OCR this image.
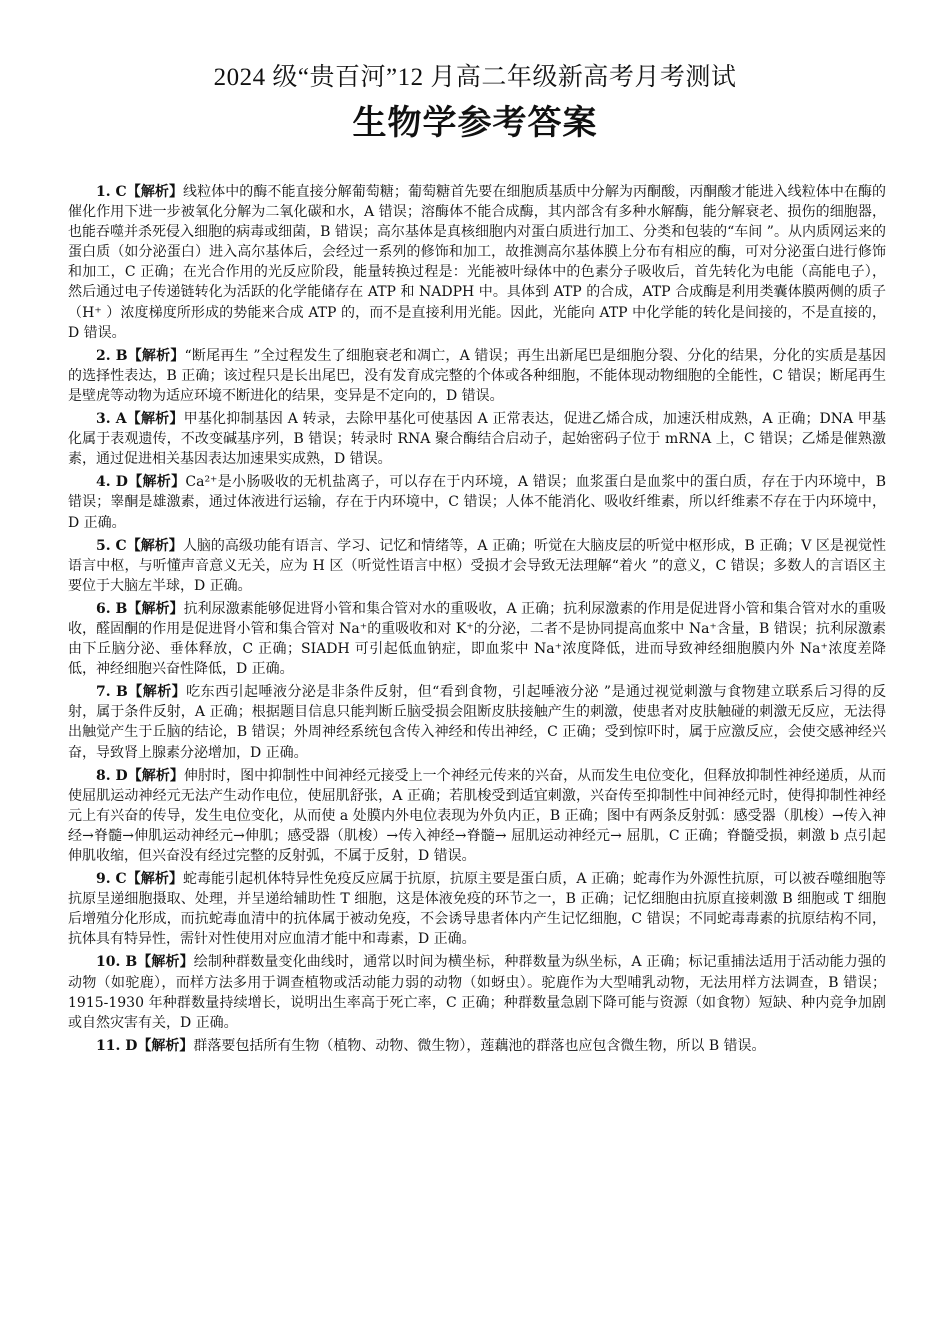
2024 级“贵百河”12 月高二年级新高考月考测试
生物学参考答案

1. C【解析】线粒体中的酶不能直接分解葡萄糖；葡萄糖首先要在细胞质基质中分解为丙酮酸，丙酮酸才能进入线粒体中在酶的催化作用下进一步被氧化分解为二氧化碳和水，A 错误；溶酶体不能合成酶，其内部含有多种水解酶，能分解衰老、损伤的细胞器，也能吞噬并杀死侵入细胞的病毒或细菌，B 错误；高尔基体是真核细胞内对蛋白质进行加工、分类和包装的“车间 ”。从内质网运来的蛋白质（如分泌蛋白）进入高尔基体后，会经过一系列的修饰和加工，故推测高尔基体膜上分布有相应的酶，可对分泌蛋白进行修饰和加工，C 正确；在光合作用的光反应阶段，能量转换过程是：光能被叶绿体中的色素分子吸收后，首先转化为电能（高能电子），然后通过电子传递链转化为活跃的化学能储存在 ATP 和 NADPH 中。具体到 ATP 的合成，ATP 合成酶是利用类囊体膜两侧的质子（H⁺ ）浓度梯度所形成的势能来合成 ATP 的，而不是直接利用光能。因此，光能向 ATP 中化学能的转化是间接的，不是直接的，D 错误。

2. B【解析】“断尾再生 ”全过程发生了细胞衰老和凋亡，A 错误；再生出新尾巴是细胞分裂、分化的结果，分化的实质是基因的选择性表达，B 正确；该过程只是长出尾巴，没有发育成完整的个体或各种细胞，不能体现动物细胞的全能性，C 错误；断尾再生是壁虎等动物为适应环境不断进化的结果，变异是不定向的，D 错误。

3. A【解析】甲基化抑制基因 A 转录，去除甲基化可使基因 A 正常表达，促进乙烯合成，加速沃柑成熟，A 正确；DNA 甲基化属于表观遗传，不改变碱基序列，B 错误；转录时 RNA 聚合酶结合启动子，起始密码子位于 mRNA 上，C 错误；乙烯是催熟激素，通过促进相关基因表达加速果实成熟，D 错误。

4. D【解析】Ca²⁺是小肠吸收的无机盐离子，可以存在于内环境，A 错误；血浆蛋白是血浆中的蛋白质，存在于内环境中，B 错误；睾酮是雄激素，通过体液进行运输，存在于内环境中，C 错误；人体不能消化、吸收纤维素，所以纤维素不存在于内环境中，D 正确。

5. C【解析】人脑的高级功能有语言、学习、记忆和情绪等，A 正确；听觉在大脑皮层的听觉中枢形成，B 正确；V 区是视觉性语言中枢，与听懂声音意义无关，应为 H 区（听觉性语言中枢）受损才会导致无法理解“着火 ”的意义，C 错误；多数人的言语区主要位于大脑左半球，D 正确。

6. B【解析】抗利尿激素能够促进肾小管和集合管对水的重吸收，A 正确；抗利尿激素的作用是促进肾小管和集合管对水的重吸收，醛固酮的作用是促进肾小管和集合管对 Na⁺的重吸收和对 K⁺的分泌，二者不是协同提高血浆中 Na⁺含量，B 错误；抗利尿激素由下丘脑分泌、垂体释放，C 正确；SIADH 可引起低血钠症，即血浆中 Na⁺浓度降低，进而导致神经细胞膜内外 Na⁺浓度差降低，神经细胞兴奋性降低，D 正确。

7. B【解析】吃东西引起唾液分泌是非条件反射，但“看到食物，引起唾液分泌 ”是通过视觉刺激与食物建立联系后习得的反射，属于条件反射，A 正确；根据题目信息只能判断丘脑受损会阻断皮肤接触产生的刺激，使患者对皮肤触碰的刺激无反应，无法得出触觉产生于丘脑的结论，B 错误；外周神经系统包含传入神经和传出神经，C 正确；受到惊吓时，属于应激反应，会使交感神经兴奋，导致肾上腺素分泌增加，D 正确。

8. D【解析】伸肘时，图中抑制性中间神经元接受上一个神经元传来的兴奋，从而发生电位变化，但释放抑制性神经递质，从而使屈肌运动神经元无法产生动作电位，使屈肌舒张，A 正确；若肌梭受到适宜刺激，兴奋传至抑制性中间神经元时，使得抑制性神经元上有兴奋的传导，发生电位变化，从而使 a 处膜内外电位表现为外负内正，B 正确；图中有两条反射弧：感受器（肌梭）→传入神经→脊髓→伸肌运动神经元→伸肌；感受器（肌梭）→传入神经→脊髓→ 屈肌运动神经元→ 屈肌，C 正确；脊髓受损，刺激 b 点引起伸肌收缩，但兴奋没有经过完整的反射弧，不属于反射，D 错误。

9. C【解析】蛇毒能引起机体特异性免疫反应属于抗原，抗原主要是蛋白质，A 正确；蛇毒作为外源性抗原，可以被吞噬细胞等抗原呈递细胞摄取、处理，并呈递给辅助性 T 细胞，这是体液免疫的环节之一，B 正确；记忆细胞由抗原直接刺激 B 细胞或 T 细胞后增殖分化形成，而抗蛇毒血清中的抗体属于被动免疫，不会诱导患者体内产生记忆细胞，C 错误；不同蛇毒毒素的抗原结构不同，抗体具有特异性，需针对性使用对应血清才能中和毒素，D 正确。

10. B【解析】绘制种群数量变化曲线时，通常以时间为横坐标，种群数量为纵坐标，A 正确；标记重捕法适用于活动能力强的动物（如驼鹿），而样方法多用于调查植物或活动能力弱的动物（如蚜虫）。驼鹿作为大型哺乳动物，无法用样方法调查，B 错误；1915-1930 年种群数量持续增长，说明出生率高于死亡率，C 正确；种群数量急剧下降可能与资源（如食物）短缺、种内竞争加剧或自然灾害有关，D 正确。

11. D【解析】群落要包括所有生物（植物、动物、微生物），莲藕池的群落也应包含微生物，所以 B 错误。
